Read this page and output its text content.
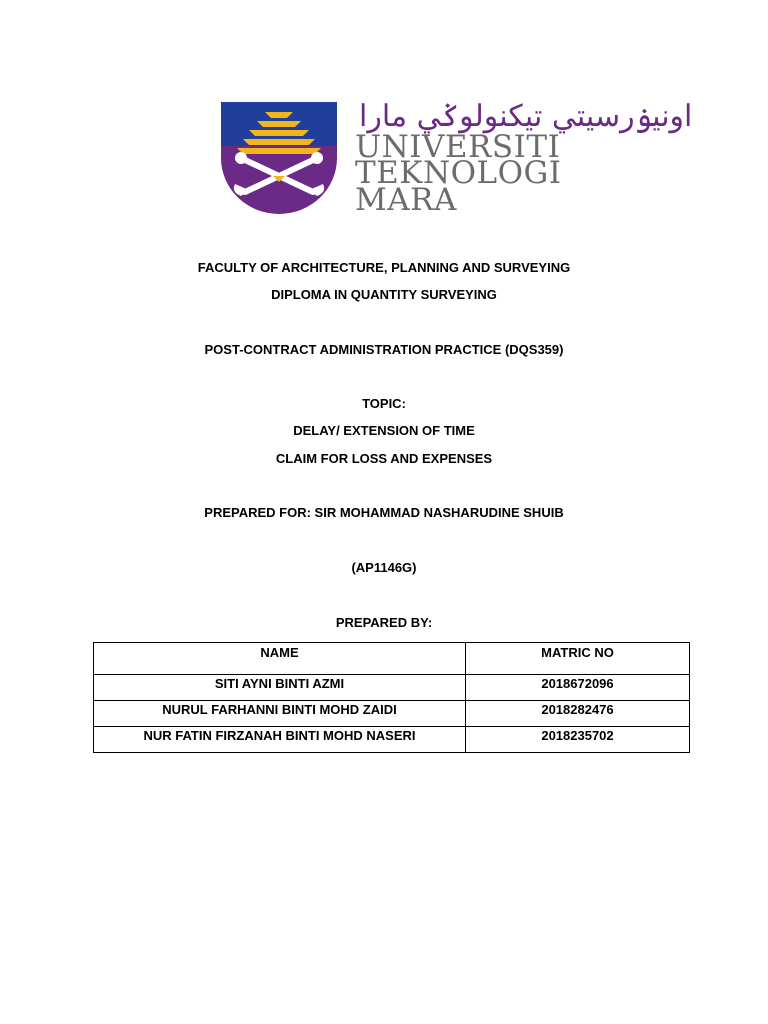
اونيۏرسيتي تيكنولوݢي مارا
UNIVERSITI
TEKNOLOGI
MARA
FACULTY OF ARCHITECTURE, PLANNING AND SURVEYING
DIPLOMA IN QUANTITY SURVEYING
POST-CONTRACT ADMINISTRATION PRACTICE (DQS359)
TOPIC:
DELAY/ EXTENSION OF TIME
CLAIM FOR LOSS AND EXPENSES
PREPARED FOR: SIR MOHAMMAD NASHARUDINE SHUIB
(AP1146G)
PREPARED BY:
NAME	MATRIC NO
SITI AYNI BINTI AZMI	2018672096
NURUL FARHANNI BINTI MOHD ZAIDI	2018282476
NUR FATIN FIRZANAH BINTI MOHD NASERI	2018235702
